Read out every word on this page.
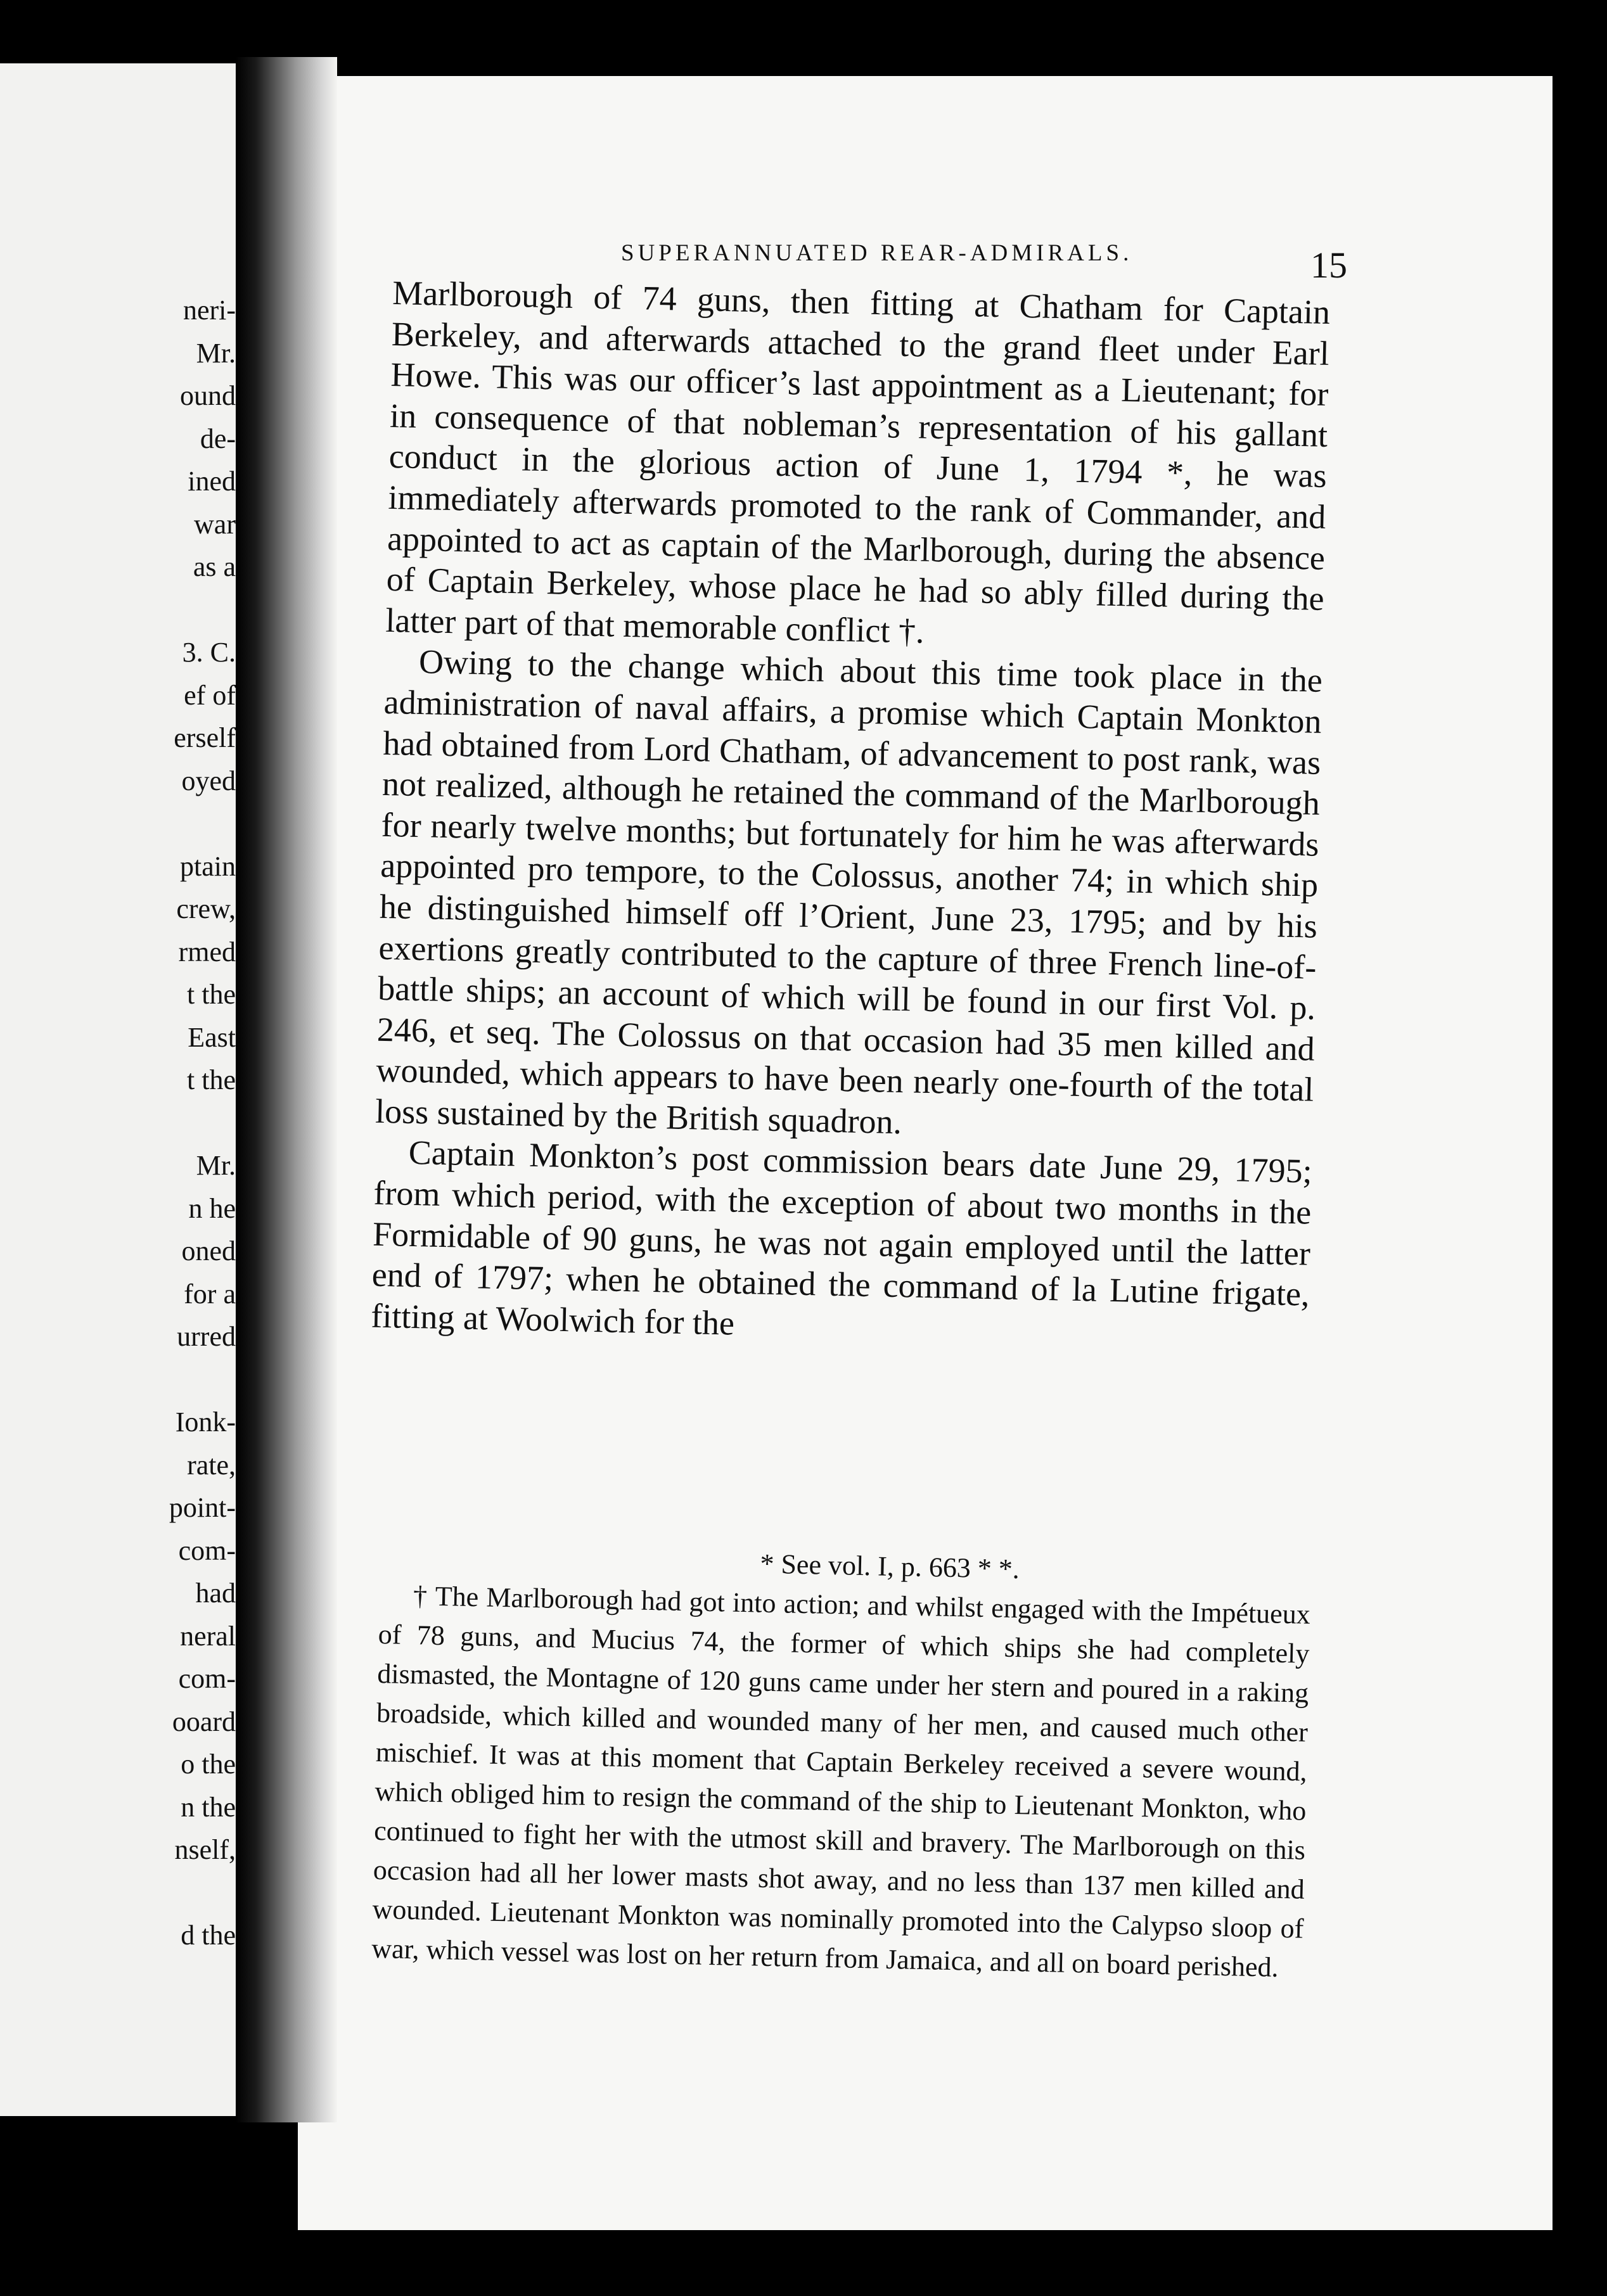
neri-
Mr.
ound
de-
ined
war
as a
3. C.
ef of
erself
oyed
ptain
crew,
rmed
t the
East
t the
Mr.
n he
oned
for a
urred
Ionk-
rate,
point-
com-
had
neral
com-
ooard
o the
n the
nself,
d the
SUPERANNUATED REAR-ADMIRALS.	15

Marlborough of 74 guns, then fitting at Chatham for Captain Berkeley, and afterwards attached to the grand fleet under Earl Howe. This was our officer’s last appointment as a Lieutenant; for in consequence of that nobleman’s representation of his gallant conduct in the glorious action of June 1, 1794 *, he was immediately afterwards promoted to the rank of Commander, and appointed to act as captain of the Marlborough, during the absence of Captain Berkeley, whose place he had so ably filled during the latter part of that memorable conflict †.

Owing to the change which about this time took place in the administration of naval affairs, a promise which Captain Monkton had obtained from Lord Chatham, of advancement to post rank, was not realized, although he retained the command of the Marlborough for nearly twelve months; but fortunately for him he was afterwards appointed pro tempore, to the Colossus, another 74; in which ship he distinguished himself off l’Orient, June 23, 1795; and by his exertions greatly contributed to the capture of three French line-of-battle ships; an account of which will be found in our first Vol. p. 246, et seq. The Colossus on that occasion had 35 men killed and wounded, which appears to have been nearly one-fourth of the total loss sustained by the British squadron.

Captain Monkton’s post commission bears date June 29, 1795; from which period, with the exception of about two months in the Formidable of 90 guns, he was not again employed until the latter end of 1797; when he obtained the command of la Lutine frigate, fitting at Woolwich for the

* See vol. I, p. 663 * *.

† The Marlborough had got into action; and whilst engaged with the Impétueux of 78 guns, and Mucius 74, the former of which ships she had completely dismasted, the Montagne of 120 guns came under her stern and poured in a raking broadside, which killed and wounded many of her men, and caused much other mischief. It was at this moment that Captain Berkeley received a severe wound, which obliged him to resign the command of the ship to Lieutenant Monkton, who continued to fight her with the utmost skill and bravery. The Marlborough on this occasion had all her lower masts shot away, and no less than 137 men killed and wounded. Lieutenant Monkton was nominally promoted into the Calypso sloop of war, which vessel was lost on her return from Jamaica, and all on board perished.
